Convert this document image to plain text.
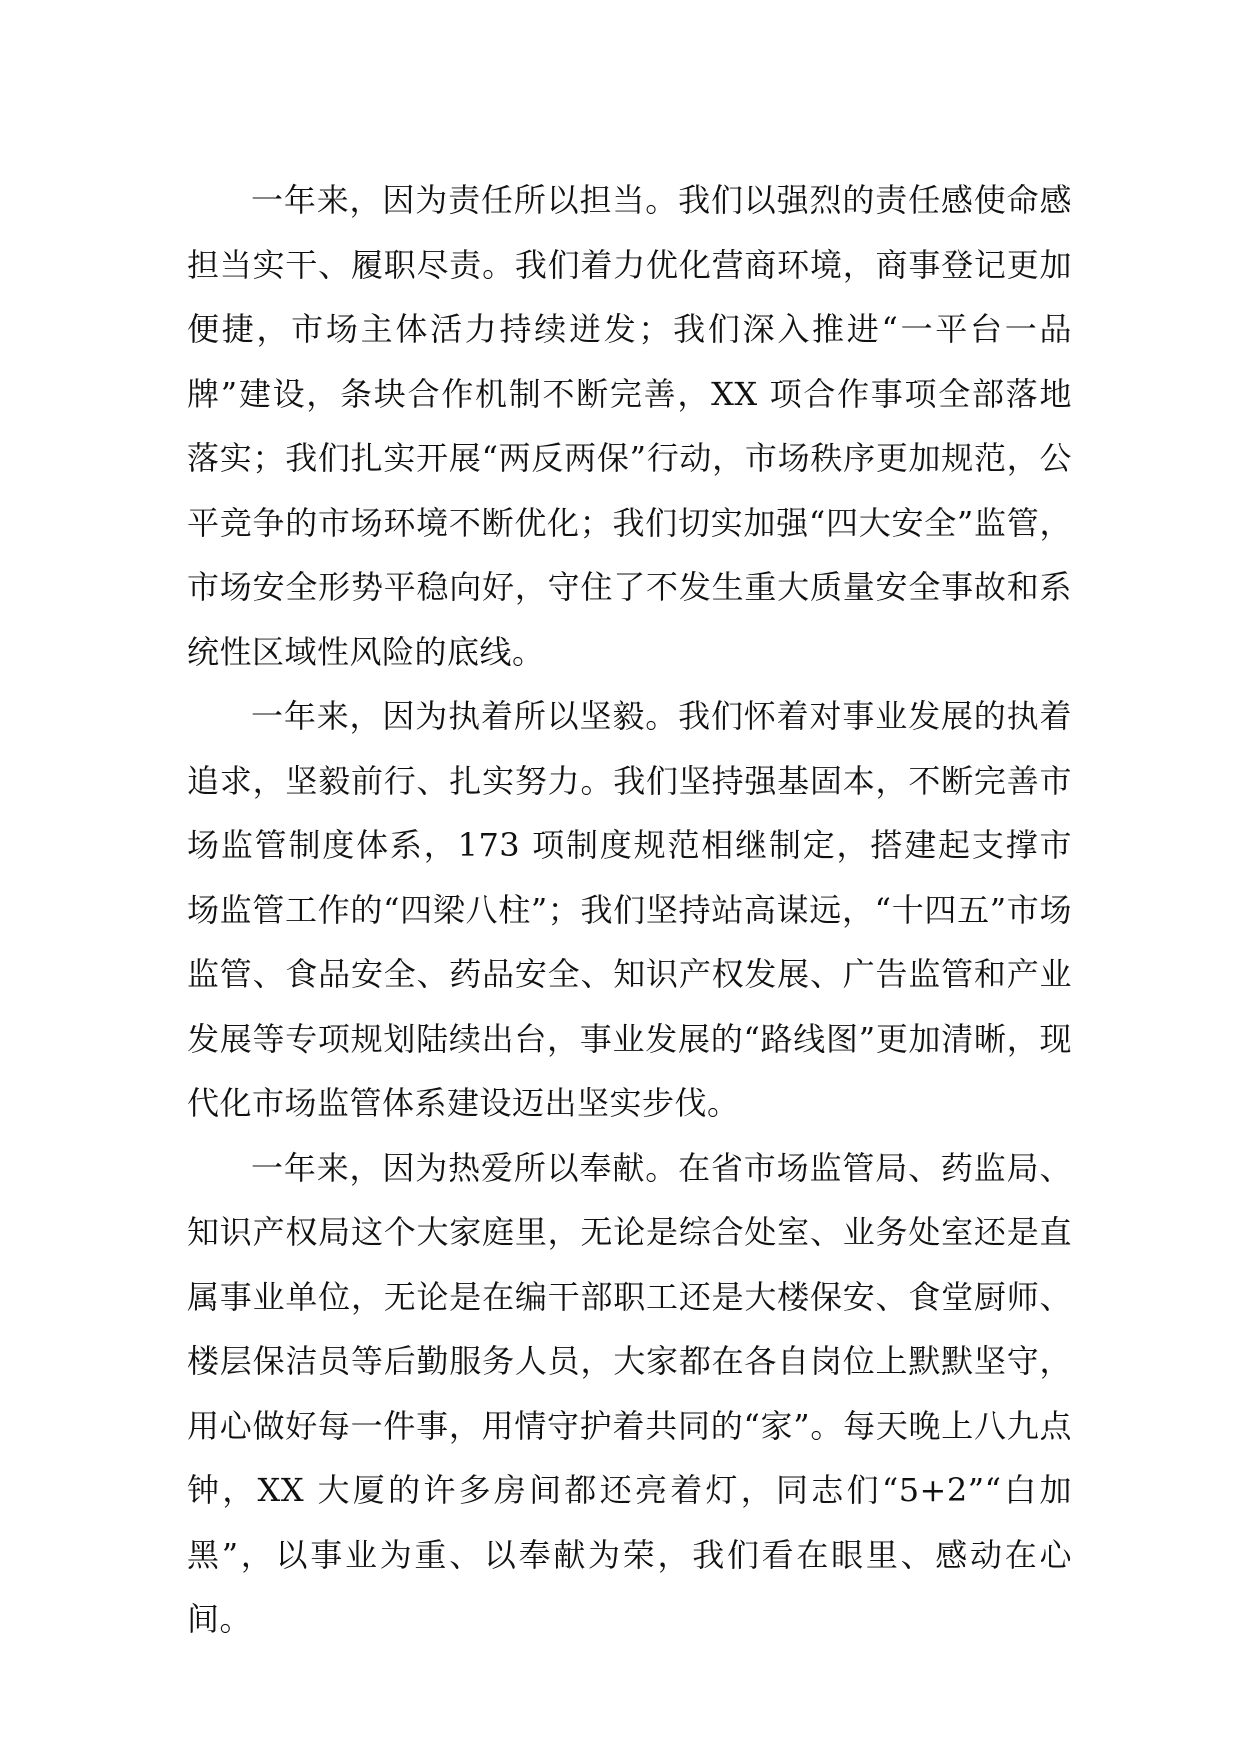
一年来，因为责任所以担当。我们以强烈的责任感使命感担当实干、履职尽责。我们着力优化营商环境，商事登记更加便捷，市场主体活力持续迸发；我们深入推进“一平台一品牌”建设，条块合作机制不断完善，XX 项合作事项全部落地落实；我们扎实开展“两反两保”行动，市场秩序更加规范，公平竞争的市场环境不断优化；我们切实加强“四大安全”监管，市场安全形势平稳向好，守住了不发生重大质量安全事故和系统性区域性风险的底线。

一年来，因为执着所以坚毅。我们怀着对事业发展的执着追求，坚毅前行、扎实努力。我们坚持强基固本，不断完善市场监管制度体系，173 项制度规范相继制定，搭建起支撑市场监管工作的“四梁八柱”；我们坚持站高谋远，“十四五”市场监管、食品安全、药品安全、知识产权发展、广告监管和产业发展等专项规划陆续出台，事业发展的“路线图”更加清晰，现代化市场监管体系建设迈出坚实步伐。

一年来，因为热爱所以奉献。在省市场监管局、药监局、知识产权局这个大家庭里，无论是综合处室、业务处室还是直属事业单位，无论是在编干部职工还是大楼保安、食堂厨师、楼层保洁员等后勤服务人员，大家都在各自岗位上默默坚守，用心做好每一件事，用情守护着共同的“家”。每天晚上八九点钟，XX 大厦的许多房间都还亮着灯，同志们“5+2”“白加黑”，以事业为重、以奉献为荣，我们看在眼里、感动在心间。
